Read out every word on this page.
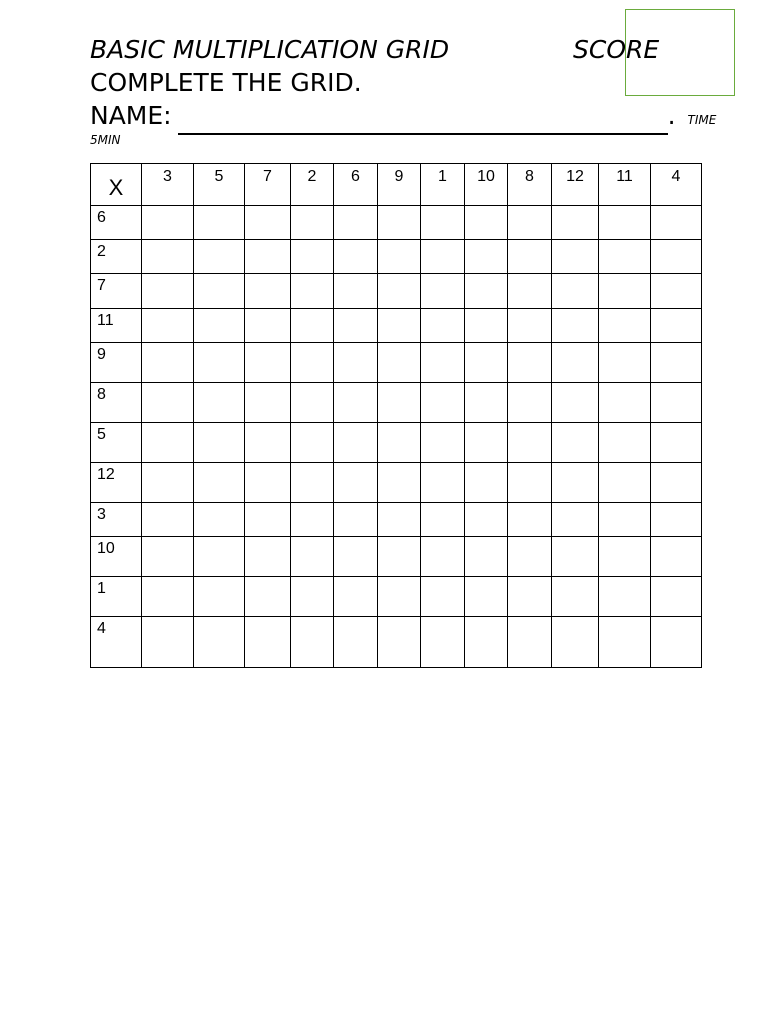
BASIC MULTIPLICATION GRID	SCORE
COMPLETE THE GRID.
NAME:	. TIME
5MIN
X	3	5	7	2	6	9	1	10	8	12	11	4
6												
2												
7												
11												
9												
8												
5												
12												
3												
10												
1												
4												
